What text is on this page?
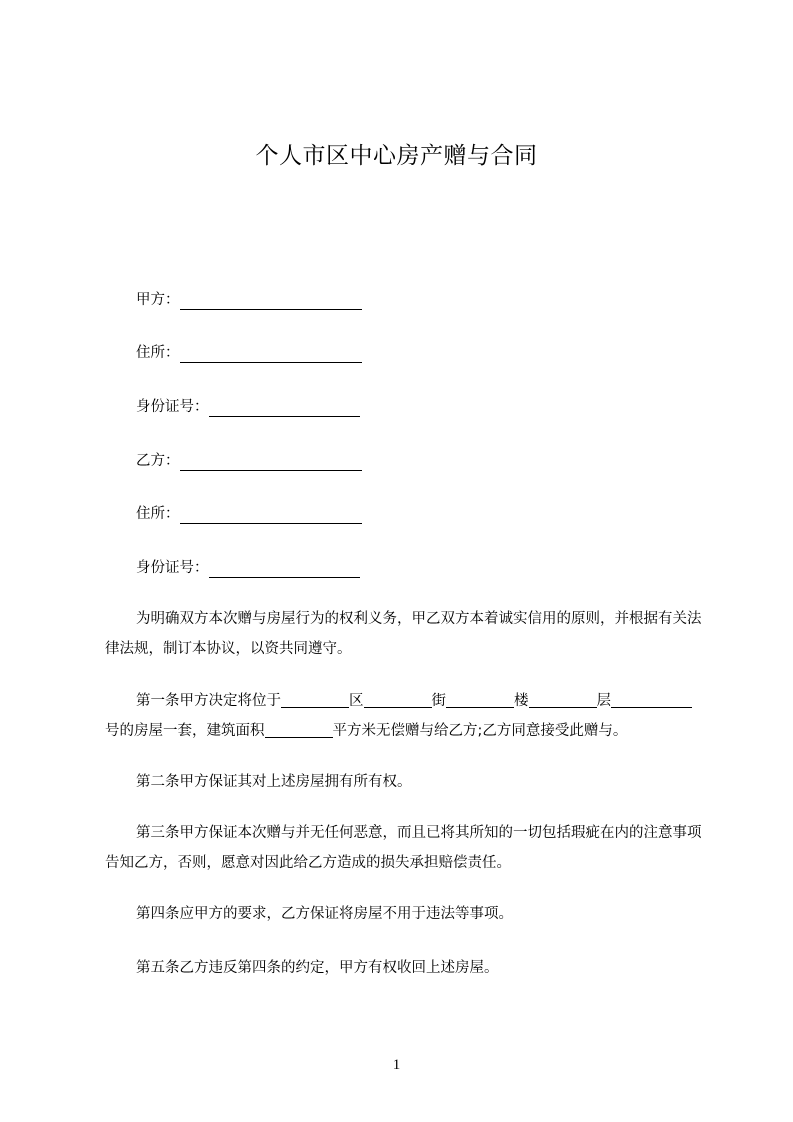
个人市区中心房产赠与合同
甲方：
住所：
身份证号：
乙方：
住所：
身份证号：
为明确双方本次赠与房屋行为的权利义务，甲乙双方本着诚实信用的原则，并根据有关法律法规，制订本协议，以资共同遵守。
第一条甲方决定将位于	区	街	楼	层号的房屋一套，建筑面积	平方米无偿赠与给乙方;乙方同意接受此赠与。
第二条甲方保证其对上述房屋拥有所有权。
第三条甲方保证本次赠与并无任何恶意，而且已将其所知的一切包括瑕疵在内的注意事项告知乙方，否则，愿意对因此给乙方造成的损失承担赔偿责任。
第四条应甲方的要求，乙方保证将房屋不用于违法等事项。
第五条乙方违反第四条的约定，甲方有权收回上述房屋。
1
